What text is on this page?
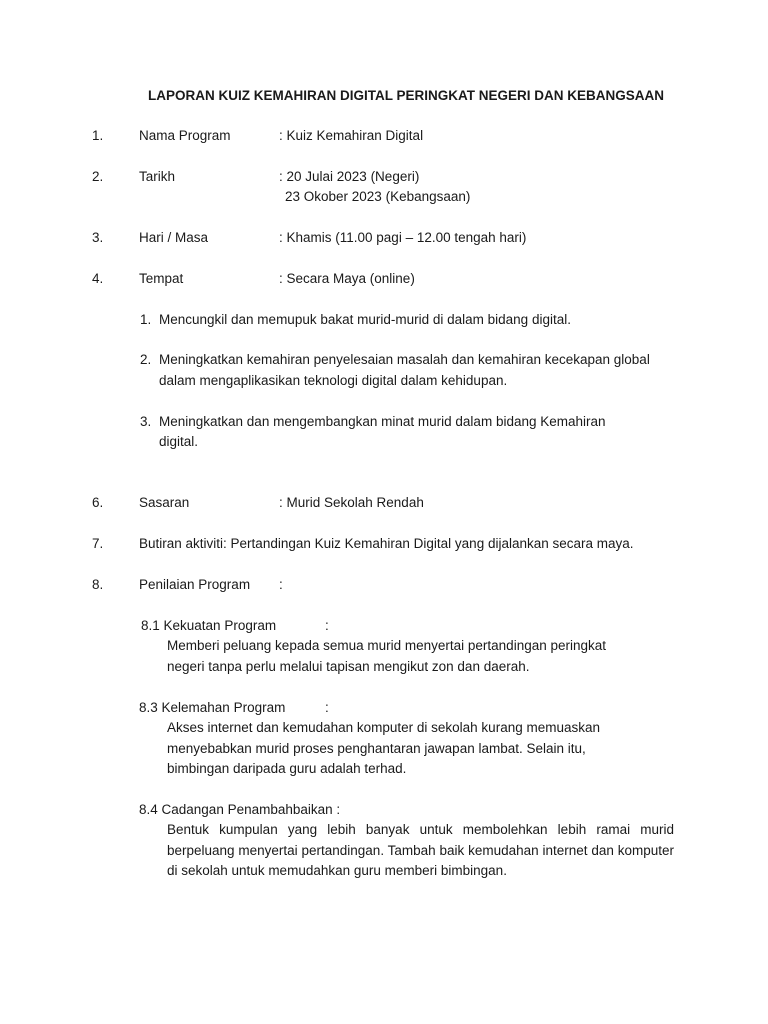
LAPORAN KUIZ KEMAHIRAN DIGITAL PERINGKAT NEGERI DAN KEBANGSAAN
1.	Nama Program	: Kuiz Kemahiran Digital
2.	Tarikh	: 20 Julai 2023 (Negeri)
23 Okober 2023 (Kebangsaan)
3.	Hari / Masa	: Khamis (11.00 pagi – 12.00 tengah hari)
4.	Tempat	: Secara Maya (online)
1. Mencungkil dan memupuk bakat murid-murid di dalam bidang digital.
2. Meningkatkan kemahiran penyelesaian masalah dan kemahiran kecekapan global
dalam mengaplikasikan teknologi digital dalam kehidupan.
3. Meningkatkan dan mengembangkan minat murid dalam bidang Kemahiran
digital.
6.	Sasaran	: Murid Sekolah Rendah
7.	Butiran aktiviti: Pertandingan Kuiz Kemahiran Digital yang dijalankan secara maya.
8.	Penilaian Program :
8.1 Kekuatan Program	:
Memberi peluang kepada semua murid menyertai pertandingan peringkat
negeri tanpa perlu melalui tapisan mengikut zon dan daerah.
8.3 Kelemahan Program	:
Akses internet dan kemudahan komputer di sekolah kurang memuaskan
menyebabkan murid proses penghantaran jawapan lambat. Selain itu,
bimbingan daripada guru adalah terhad.
8.4 Cadangan Penambahbaikan :
Bentuk kumpulan yang lebih banyak untuk membolehkan lebih ramai murid berpeluang menyertai pertandingan. Tambah baik kemudahan internet dan komputer di sekolah untuk memudahkan guru memberi bimbingan.
